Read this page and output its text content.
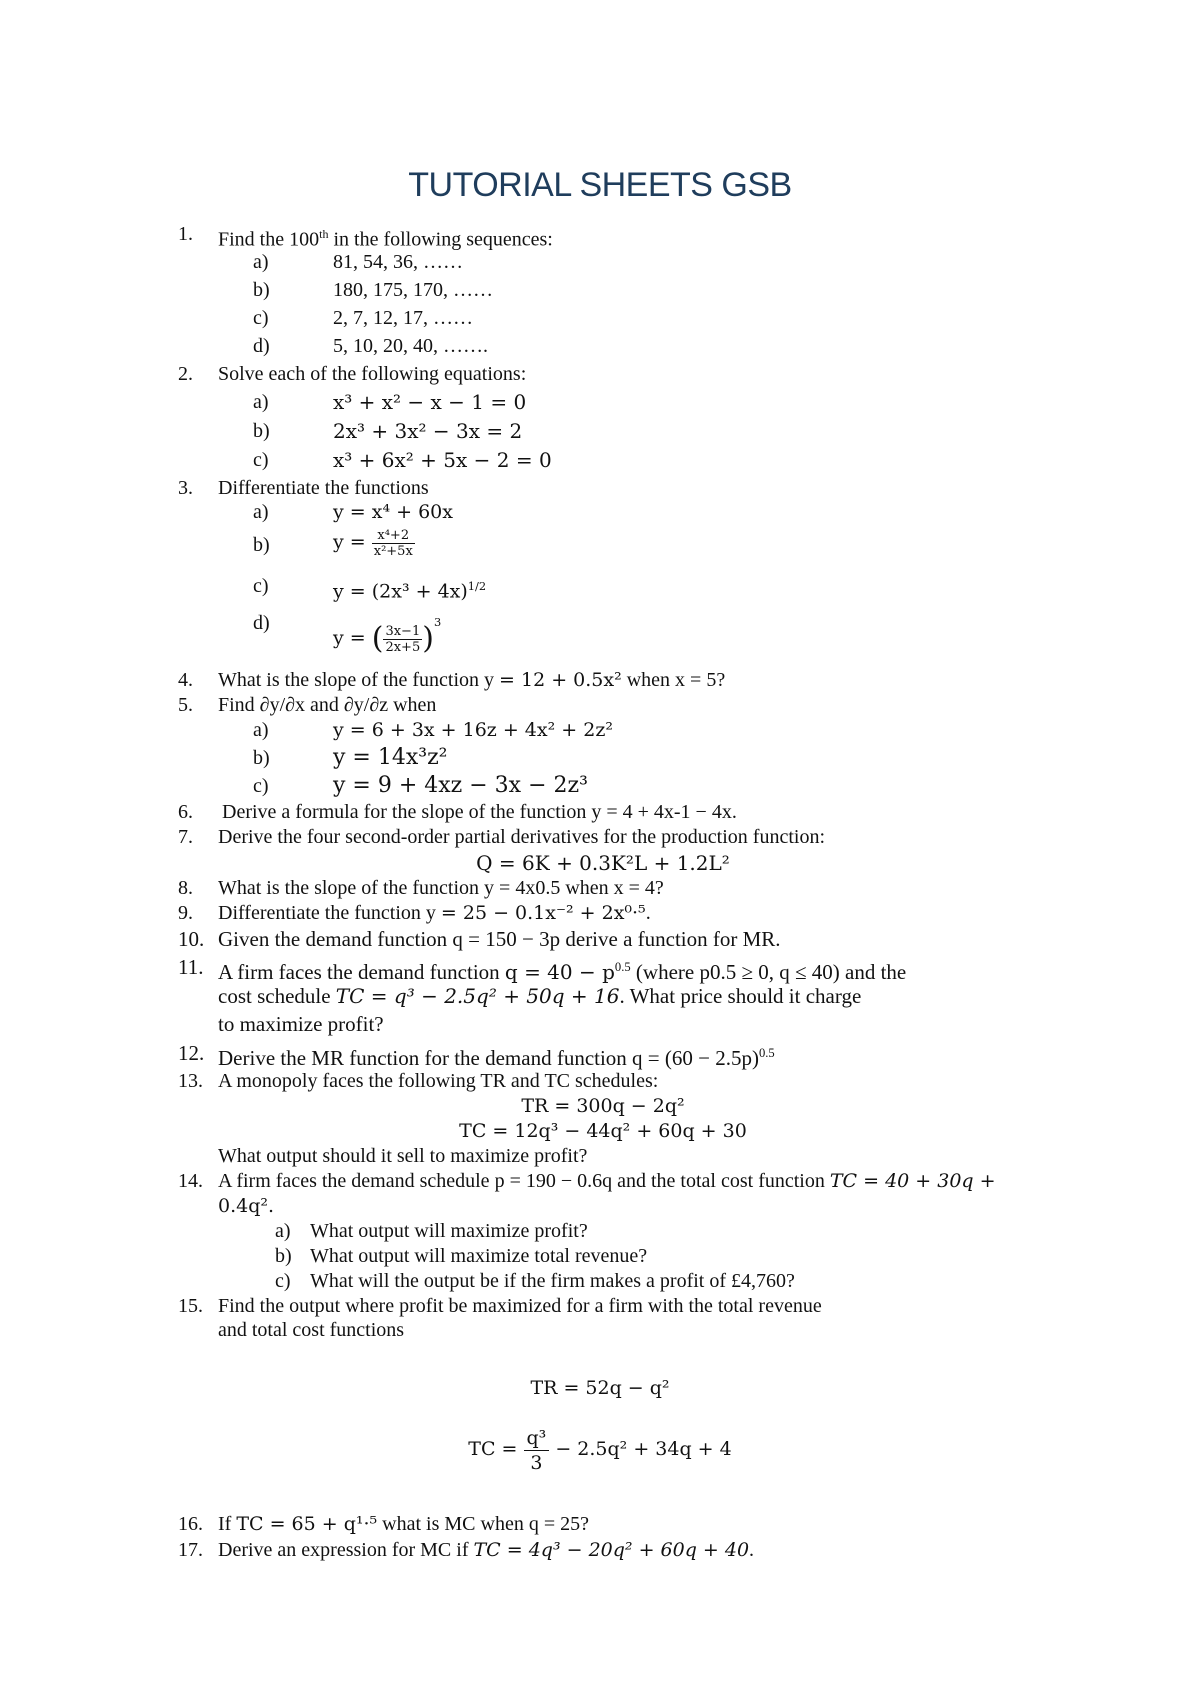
TUTORIAL SHEETS GSB
1. Find the 100th in the following sequences:
a)	81, 54, 36, ……
b)	180, 175, 170, ……
c)	2, 7, 12, 17, ……
d)	5, 10, 20, 40, …….
2. Solve each of the following equations:
a)	x³ + x² − x − 1 = 0
b)	2x³ + 3x² − 3x = 2
c)	x³ + 6x² + 5x − 2 = 0
3. Differentiate the functions
a)	y = x⁴ + 60x
b)	$y = \frac{\text{x⁴+2}}{\text{x²+5x}}$
c)	$y = (2x^3 + 4x)^{1/2}$
d)
y = ( $\frac{3x-1}{2x+5} )^3$
4. What is the slope of the function y = 12 + 0.5x² when x = 5?
5. Find ∂y/∂x and ∂y/∂z when
a)	y = 6 + 3x + 16z + 4x² + 2z²
b)	y = 14x³z²
c)	y = 9 + 4xz − 3x − 2z³
6. Derive a formula for the slope of the function y = 4 + 4x-1 − 4x.
7. Derive the four second-order partial derivatives for the production function:
Q = 6K + 0.3K²L + 1.2L²
8. What is the slope of the function y = 4x0.5 when x = 4?
9. Differentiate the function y = 25 − 0.1x⁻² + 2x⁰·⁵.
10. Given the demand function q = 150 − 3p derive a function for MR.
11. A firm faces the demand function $q = 40 - p^{0.5}$ (where p0.5 ≥ 0, q ≤ 40) and the
cost schedule TC = q³ − 2.5q² + 50q + 16. What price should it charge
to maximize profit?
12. Derive the MR function for the demand function $q = (60 - 2.5p)^{0.5}$
13. A monopoly faces the following TR and TC schedules:
TR = 300q − 2q²
TC = 12q³ − 44q² + 60q + 30
What output should it sell to maximize profit?
14. A firm faces the demand schedule p = 190 − 0.6q and the total cost function TC = 40 + 30q +
0.4q².
a) What output will maximize profit?
b) What output will maximize total revenue?
c) What will the output be if the firm makes a profit of £4,760?
15. Find the output where profit be maximized for a firm with the total revenue
and total cost functions
TR = 52q − q²
TC = $\frac{\text{q³}}{3} - 2.5q^2 + 34q + 4$
16. If TC = 65 + q¹·⁵ what is MC when q = 25?
17. Derive an expression for MC if TC = 4q³ − 20q² + 60q + 40.
